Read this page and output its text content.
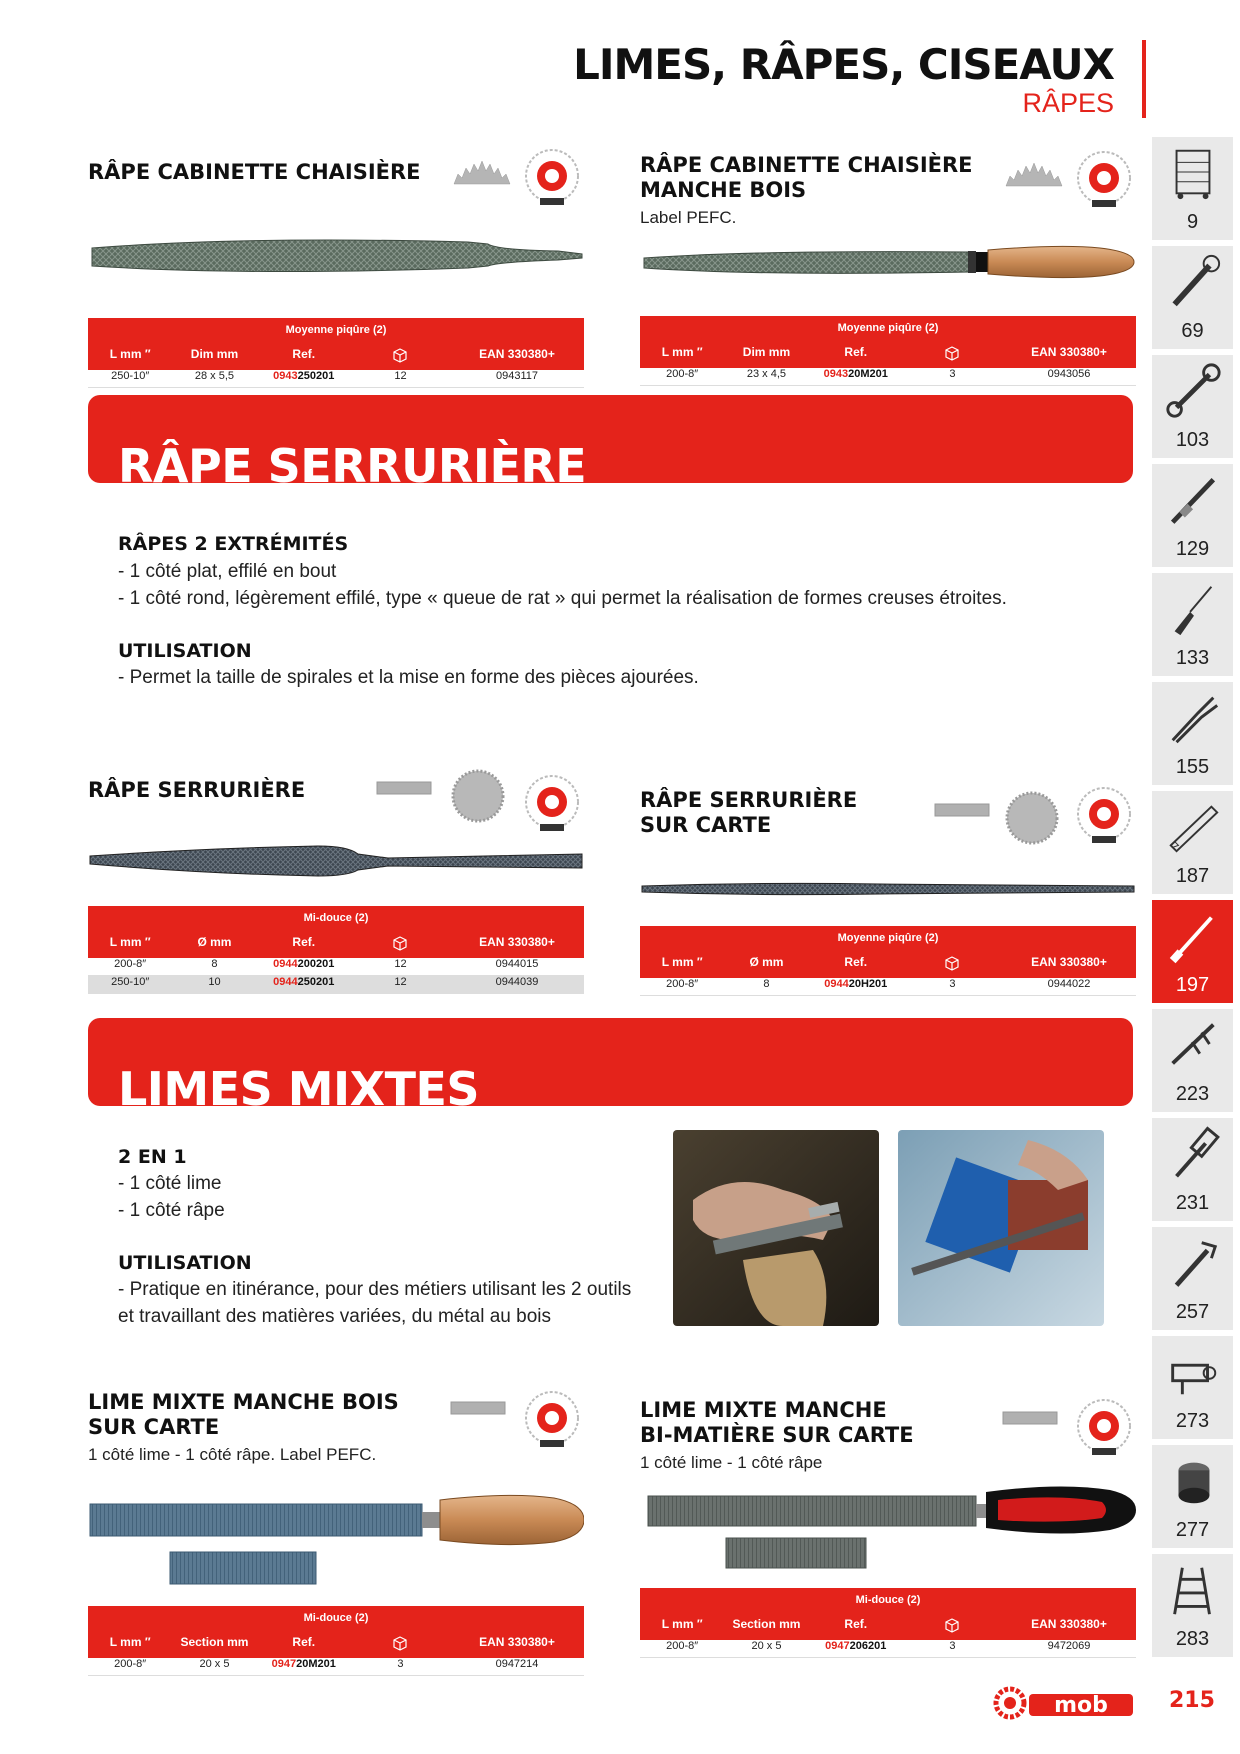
LIMES, RÂPES, CISEAUX
RÂPES
9
69
103
129
133
155
187
197
223
231
257
273
277
283
RÂPE CABINETTE CHAISIÈRE
Moyenne piqûre (2)
L mm ″	Dim mm	Ref.	EAN 330380+
250-10″	28 x 5,5	0943250201	12	0943117
RÂPE CABINETTE CHAISIÈRE
MANCHE BOIS
Label PEFC.
Moyenne piqûre (2)
L mm ″	Dim mm	Ref.	EAN 330380+
200-8″	23 x 4,5	094320M201	3	0943056
RÂPE SERRURIÈRE
RÂPES 2 EXTRÉMITÉS
- 1 côté plat, effilé en bout
- 1 côté rond, légèrement effilé, type « queue de rat » qui permet la réalisation de formes creuses étroites.
UTILISATION
- Permet la taille de spirales et la mise en forme des pièces ajourées.
RÂPE SERRURIÈRE
Mi-douce (2)
L mm ″	Ø mm	Ref.	EAN 330380+
200-8″	8	0944200201	12	0944015
250-10″	10	0944250201	12	0944039
RÂPE SERRURIÈRE
SUR CARTE
Moyenne piqûre (2)
L mm ″	Ø mm	Ref.	EAN 330380+
200-8″	8	094420H201	3	0944022
LIMES MIXTES
2 EN 1
- 1 côté lime
- 1 côté râpe
UTILISATION
- Pratique en itinérance, pour des métiers utilisant les 2 outils
et travaillant des matières variées, du métal au bois
LIME MIXTE MANCHE BOIS
SUR CARTE
1 côté lime - 1 côté râpe. Label PEFC.
Mi-douce (2)
L mm ″	Section mm	Ref.	EAN 330380+
200-8″	20 x 5	094720M201	3	0947214
LIME MIXTE MANCHE
BI-MATIÈRE SUR CARTE
1 côté lime - 1 côté râpe
Mi-douce (2)
L mm ″	Section mm	Ref.	EAN 330380+
200-8″	20 x 5	0947206201	3	9472069
mob	215
